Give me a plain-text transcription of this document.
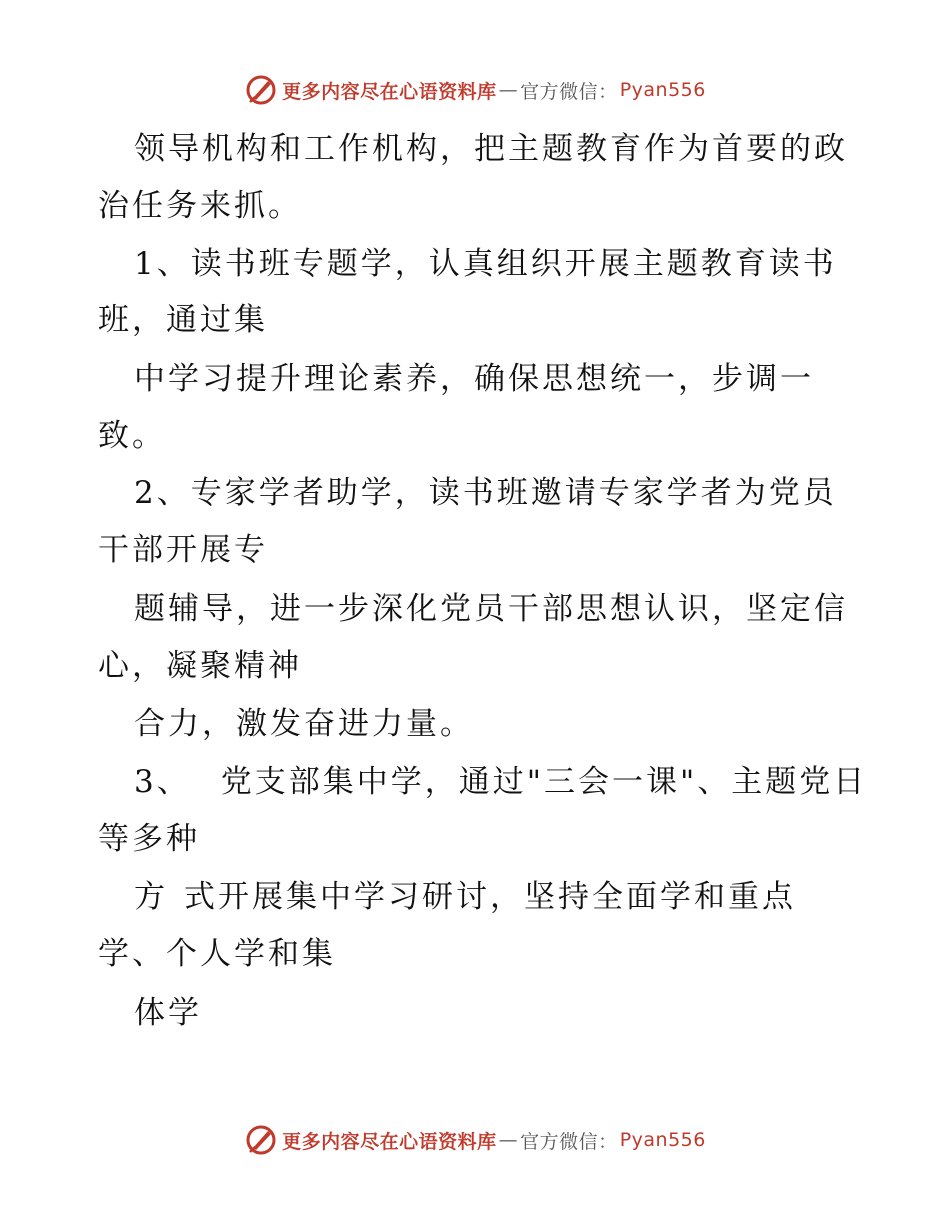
更多内容尽在心语资料库 — 官方微信： Pyan556
领导机构和工作机构，把主题教育作为首要的政
治任务来抓。
1、读书班专题学，认真组织开展主题教育读书
班，通过集
中学习提升理论素养，确保思想统一，步调一
致。
2、专家学者助学，读书班邀请专家学者为党员
干部开展专
题辅导，进一步深化党员干部思想认识，坚定信
心，凝聚精神
合力，激发奋进力量。
3、 党支部集中学，通过"三会一课"、主题党日
等多种
方 式开展集中学习研讨，坚持全面学和重点
学、个人学和集
体学
更多内容尽在心语资料库 — 官方微信： Pyan556
